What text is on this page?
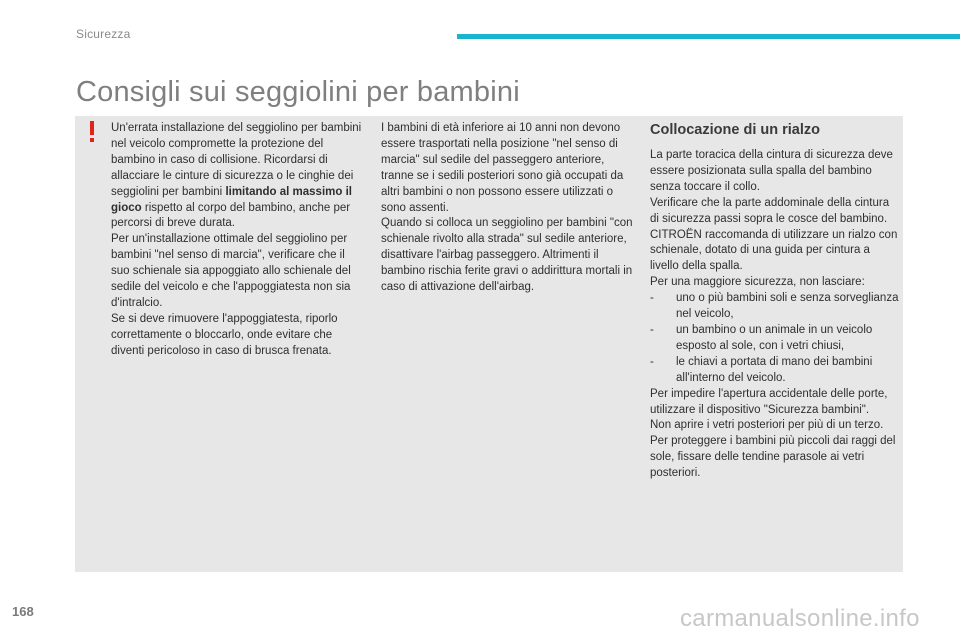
Sicurezza
Consigli sui seggiolini per bambini

Un'errata installazione del seggiolino per bambini nel veicolo compromette la protezione del bambino in caso di collisione. Ricordarsi di allacciare le cinture di sicurezza o le cinghie dei seggiolini per bambini limitando al massimo il gioco rispetto al corpo del bambino, anche per percorsi di breve durata.

Per un'installazione ottimale del seggiolino per bambini "nel senso di marcia", verificare che il suo schienale sia appoggiato allo schienale del sedile del veicolo e che l'appoggiatesta non sia d'intralcio.

Se si deve rimuovere l'appoggiatesta, riporlo correttamente o bloccarlo, onde evitare che diventi pericoloso in caso di brusca frenata.

I bambini di età inferiore ai 10 anni non devono essere trasportati nella posizione "nel senso di marcia" sul sedile del passeggero anteriore, tranne se i sedili posteriori sono già occupati da altri bambini o non possono essere utilizzati o sono assenti.

Quando si colloca un seggiolino per bambini "con schienale rivolto alla strada" sul sedile anteriore, disattivare l'airbag passeggero. Altrimenti il bambino rischia ferite gravi o addirittura mortali in caso di attivazione dell'airbag.

Collocazione di un rialzo

La parte toracica della cintura di sicurezza deve essere posizionata sulla spalla del bambino senza toccare il collo.

Verificare che la parte addominale della cintura di sicurezza passi sopra le cosce del bambino.

CITROËN raccomanda di utilizzare un rialzo con schienale, dotato di una guida per cintura a livello della spalla.

Per una maggiore sicurezza, non lasciare:

- uno o più bambini soli e senza sorveglianza nel veicolo,
- un bambino o un animale in un veicolo esposto al sole, con i vetri chiusi,
- le chiavi a portata di mano dei bambini all'interno del veicolo.

Per impedire l'apertura accidentale delle porte, utilizzare il dispositivo "Sicurezza bambini".

Non aprire i vetri posteriori per più di un terzo.

Per proteggere i bambini più piccoli dai raggi del sole, fissare delle tendine parasole ai vetri posteriori.

168	carmanualsonline.info
